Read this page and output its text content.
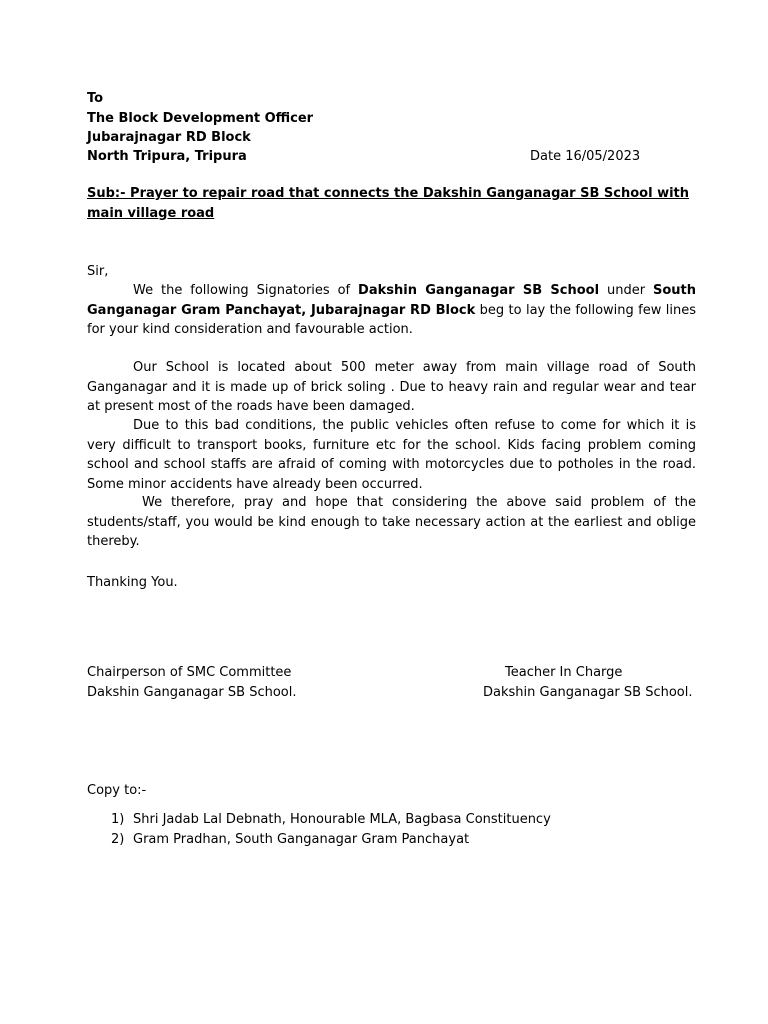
To
The Block Development Officer
Jubarajnagar RD Block
North Tripura, Tripura	Date 16/05/2023

Sub:- Prayer to repair road that connects the Dakshin Ganganagar SB School with main village road

Sir,

We the following Signatories of Dakshin Ganganagar SB School under South Ganganagar Gram Panchayat, Jubarajnagar RD Block beg to lay the following few lines for your kind consideration and favourable action.

Our School is located about 500 meter away from main village road of South Ganganagar and it is made up of brick soling . Due to heavy rain and regular wear and tear at present most of the roads have been damaged.

Due to this bad conditions, the public vehicles often refuse to come for which it is very difficult to transport books, furniture etc for the school. Kids facing problem coming school and school staffs are afraid of coming with motorcycles due to potholes in the road. Some minor accidents have already been occurred.

We therefore, pray and hope that considering the above said problem of the students/staff, you would be kind enough to take necessary action at the earliest and oblige thereby.

Thanking You.
Chairperson of SMC Committee
Dakshin Ganganagar SB School.
Teacher In Charge
Dakshin Ganganagar SB School.
Copy to:-
1) Shri Jadab Lal Debnath, Honourable MLA, Bagbasa Constituency
2) Gram Pradhan, South Ganganagar Gram Panchayat
